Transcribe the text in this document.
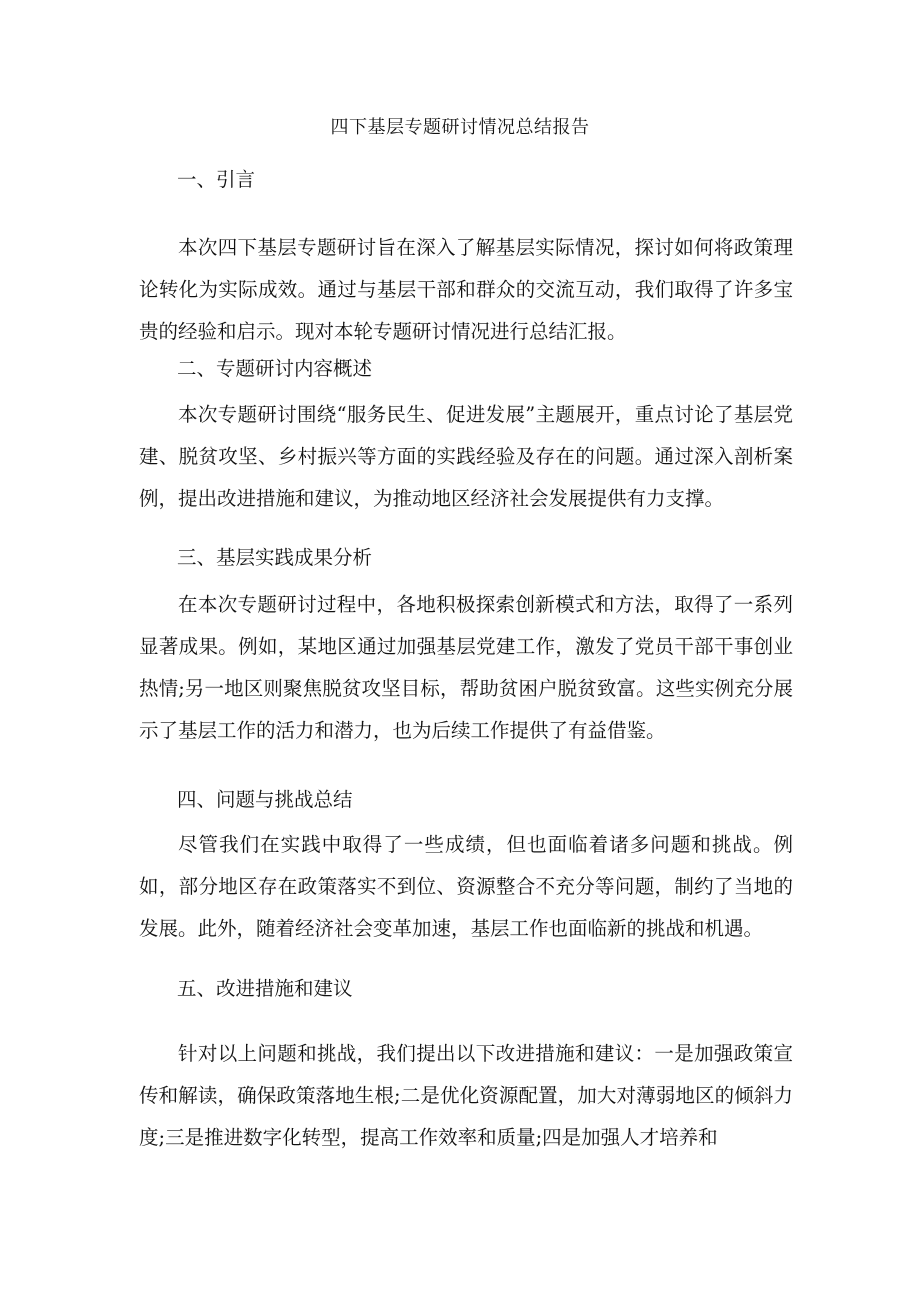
四下基层专题研讨情况总结报告
一、引言

本次四下基层专题研讨旨在深入了解基层实际情况，探讨如何将政策理论转化为实际成效。通过与基层干部和群众的交流互动，我们取得了许多宝贵的经验和启示。现对本轮专题研讨情况进行总结汇报。

二、专题研讨内容概述

本次专题研讨围绕“服务民生、促进发展”主题展开，重点讨论了基层党建、脱贫攻坚、乡村振兴等方面的实践经验及存在的问题。通过深入剖析案例，提出改进措施和建议，为推动地区经济社会发展提供有力支撑。

三、基层实践成果分析

在本次专题研讨过程中，各地积极探索创新模式和方法，取得了一系列显著成果。例如，某地区通过加强基层党建工作，激发了党员干部干事创业热情;另一地区则聚焦脱贫攻坚目标，帮助贫困户脱贫致富。这些实例充分展示了基层工作的活力和潜力，也为后续工作提供了有益借鉴。

四、问题与挑战总结

尽管我们在实践中取得了一些成绩，但也面临着诸多问题和挑战。例如，部分地区存在政策落实不到位、资源整合不充分等问题，制约了当地的发展。此外，随着经济社会变革加速，基层工作也面临新的挑战和机遇。

五、改进措施和建议

针对以上问题和挑战，我们提出以下改进措施和建议：一是加强政策宣传和解读，确保政策落地生根;二是优化资源配置，加大对薄弱地区的倾斜力度;三是推进数字化转型，提高工作效率和质量;四是加强人才培养和
